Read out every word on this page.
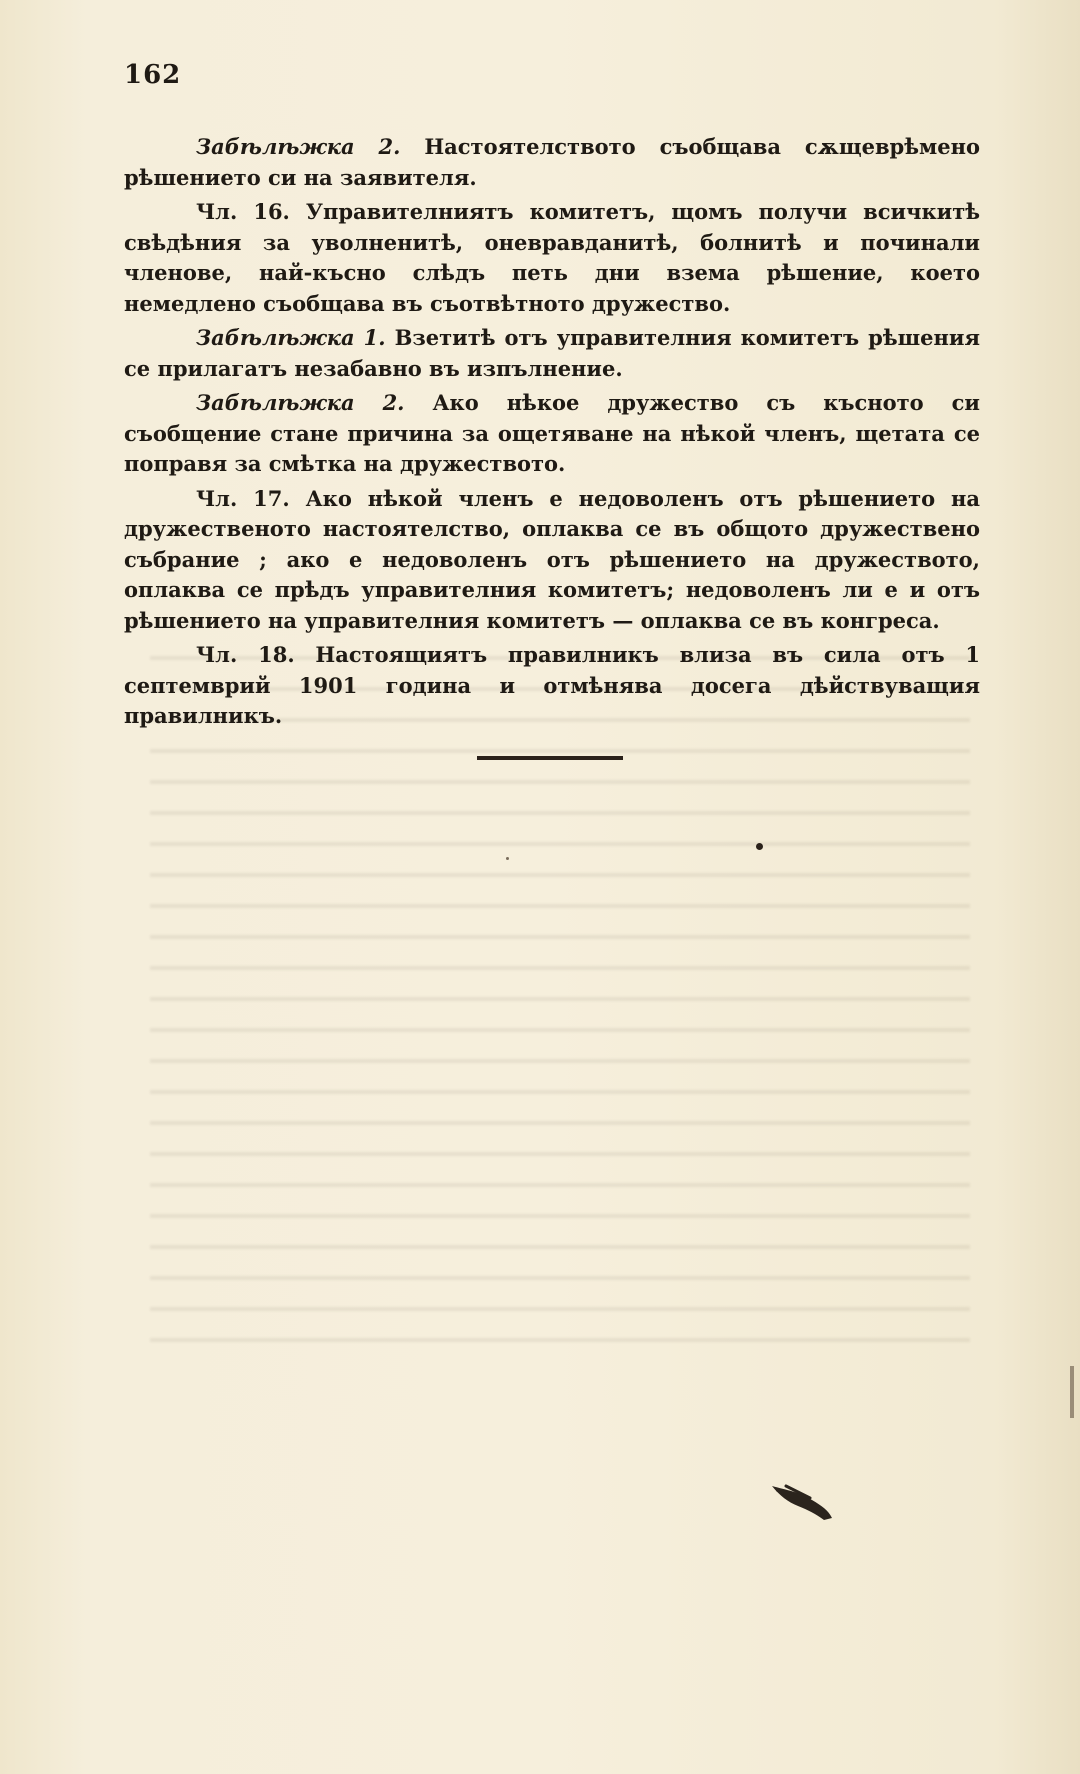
162

Забѣлѣжка 2. Настоятелството съобщава сѫщеврѣмено рѣшението си на заявителя.

Чл. 16. Управителниятъ комитетъ, щомъ получи всичкитѣ свѣдѣния за уволненитѣ, оневравданитѣ, болнитѣ и починали членове, най-късно слѣдъ петь дни взема рѣшение, което немедлено съобщава въ съотвѣтното дружество.

Забѣлѣжка 1. Взетитѣ отъ управителния комитетъ рѣшения се прилагатъ незабавно въ изпълнение.

Забѣлѣжка 2. Ако нѣкое дружество съ късното си съобщение стане причина за ощетяване на нѣкой членъ, щетата се поправя за смѣтка на дружеството.

Чл. 17. Ако нѣкой членъ е недоволенъ отъ рѣшението на дружественото настоятелство, оплаква се въ общото дружествено събрание ; ако е недоволенъ отъ рѣшението на дружеството, оплаква се прѣдъ управителния комитетъ; недоволенъ ли е и отъ рѣшението на управителния комитетъ — оплаква се въ конгреса.

Чл. 18. Настоящиятъ правилникъ влиза въ сила отъ 1 септемврий 1901 година и отмѣнява досега дѣйствуващия правилникъ.
